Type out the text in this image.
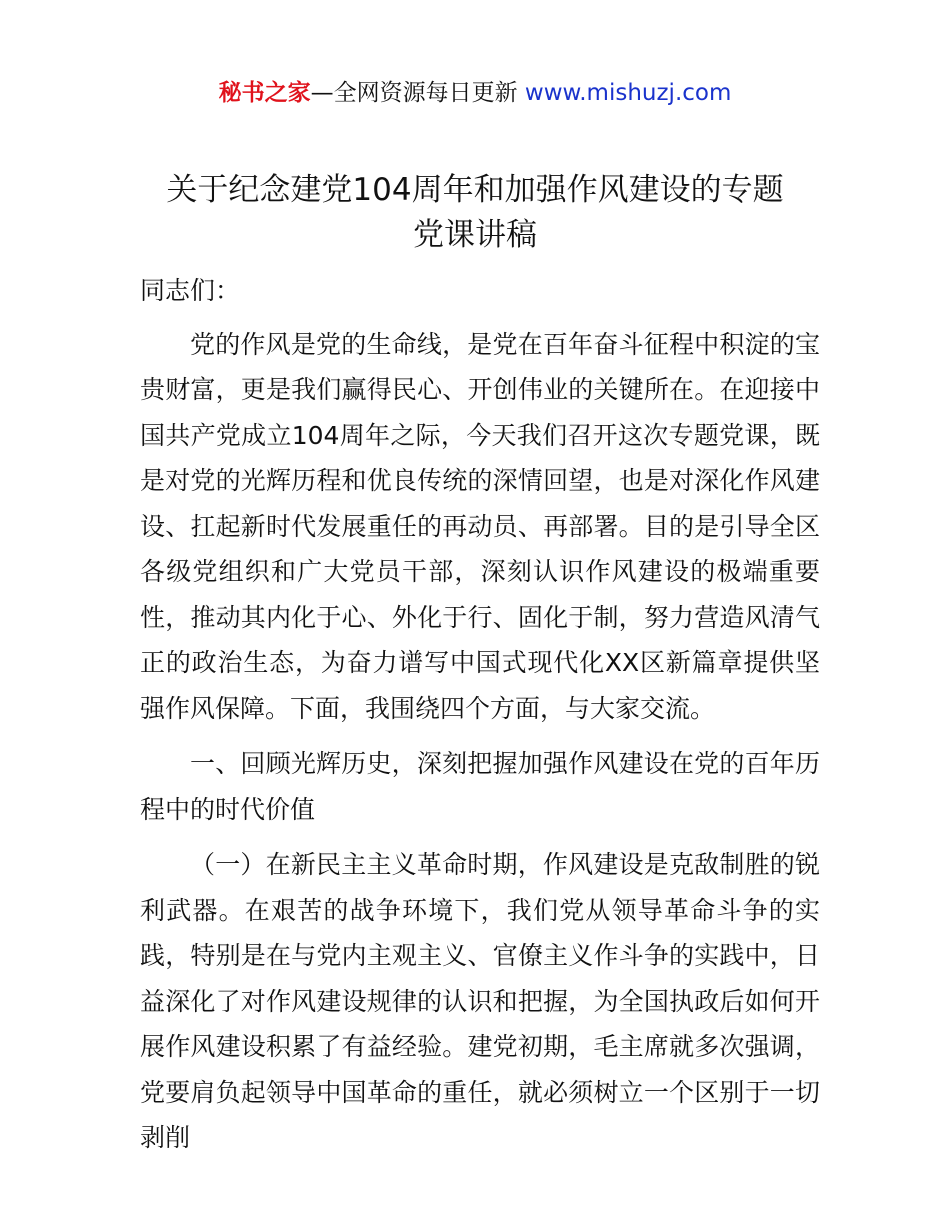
秘书之家—全网资源每日更新 www.mishuzj.com
关于纪念建党104周年和加强作风建设的专题
党课讲稿

同志们：

党的作风是党的生命线，是党在百年奋斗征程中积淀的宝贵财富，更是我们赢得民心、开创伟业的关键所在。在迎接中国共产党成立104周年之际，今天我们召开这次专题党课，既是对党的光辉历程和优良传统的深情回望，也是对深化作风建设、扛起新时代发展重任的再动员、再部署。目的是引导全区各级党组织和广大党员干部，深刻认识作风建设的极端重要性，推动其内化于心、外化于行、固化于制，努力营造风清气正的政治生态，为奋力谱写中国式现代化XX区新篇章提供坚强作风保障。下面，我围绕四个方面，与大家交流。

一、回顾光辉历史，深刻把握加强作风建设在党的百年历程中的时代价值

（一）在新民主主义革命时期，作风建设是克敌制胜的锐利武器。在艰苦的战争环境下，我们党从领导革命斗争的实践，特别是在与党内主观主义、官僚主义作斗争的实践中，日益深化了对作风建设规律的认识和把握，为全国执政后如何开展作风建设积累了有益经验。建党初期，毛主席就多次强调，党要肩负起领导中国革命的重任，就必须树立一个区别于一切剥削
